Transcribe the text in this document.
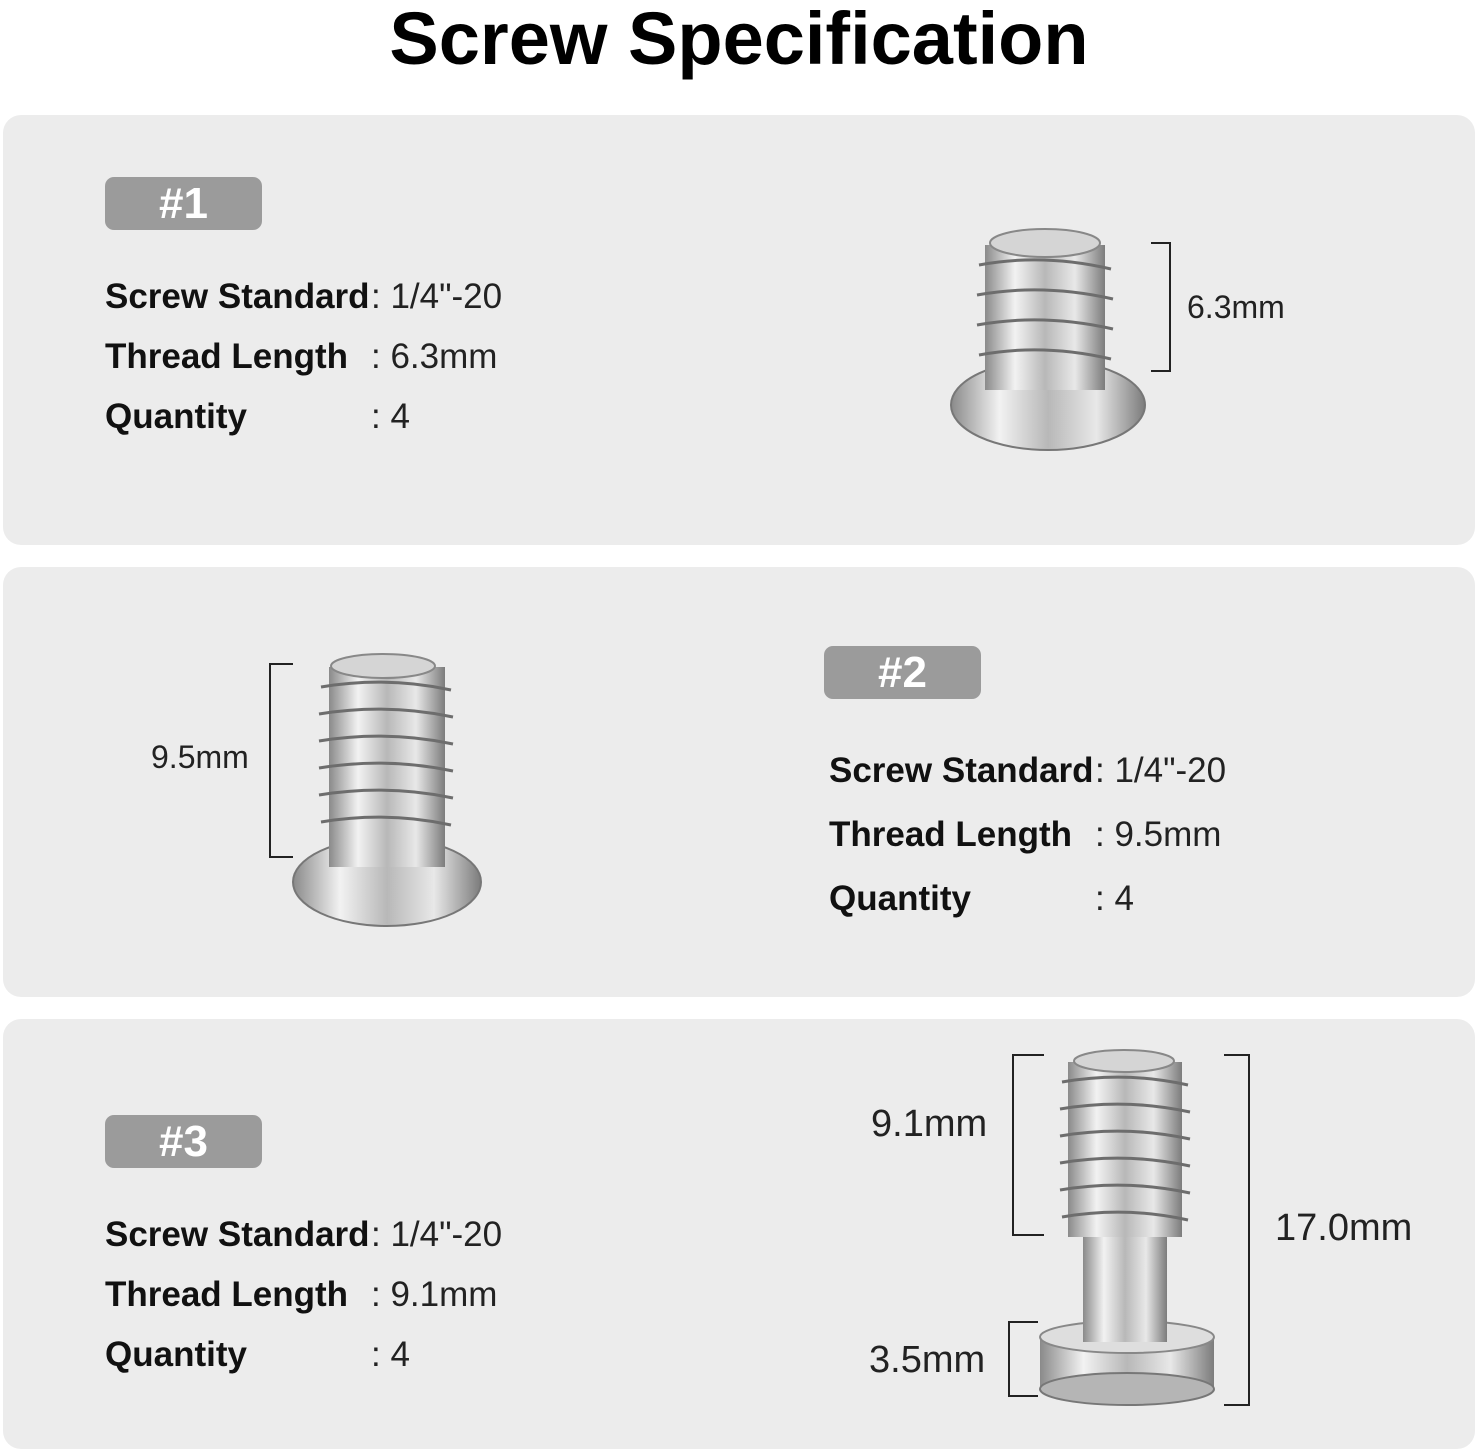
Screw Specification
#1
Screw Standard : 1/4"-20
Thread Length : 6.3mm
Quantity	: 4
6.3mm
#2
Screw Standard : 1/4"-20
Thread Length : 9.5mm
Quantity	: 4
9.5mm
#3
Screw Standard : 1/4"-20
Thread Length : 9.1mm
Quantity	: 4
9.1mm
17.0mm
3.5mm
